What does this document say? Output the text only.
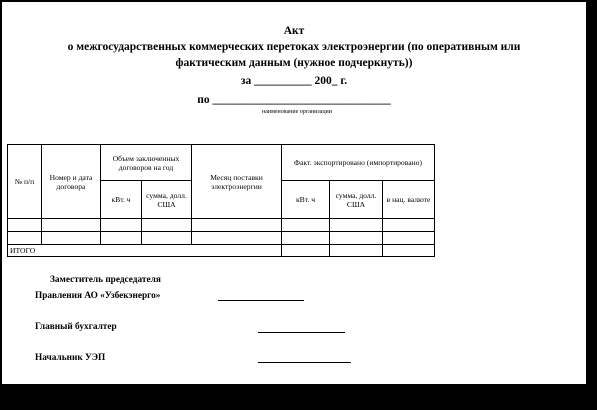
Акт
о межгосударственных коммерческих перетоках электроэнергии (по оперативным или
фактическим данным (нужное подчеркнуть))
за __________ 200_ г.
по _______________________________
наименование организации
№ п/п	Номер и дата договора	Объем заключенных договоров на год		Месяц поставки электроэнергии	Факт. экспортировано (импортировано)		
		кВт. ч	сумма, долл. США		кВт. ч	сумма, долл. США	в нац. валюте

ИТОГО							
Заместитель председателя
Правления АО «Узбекэнерго»
Главный бухгалтер
Начальник УЭП
